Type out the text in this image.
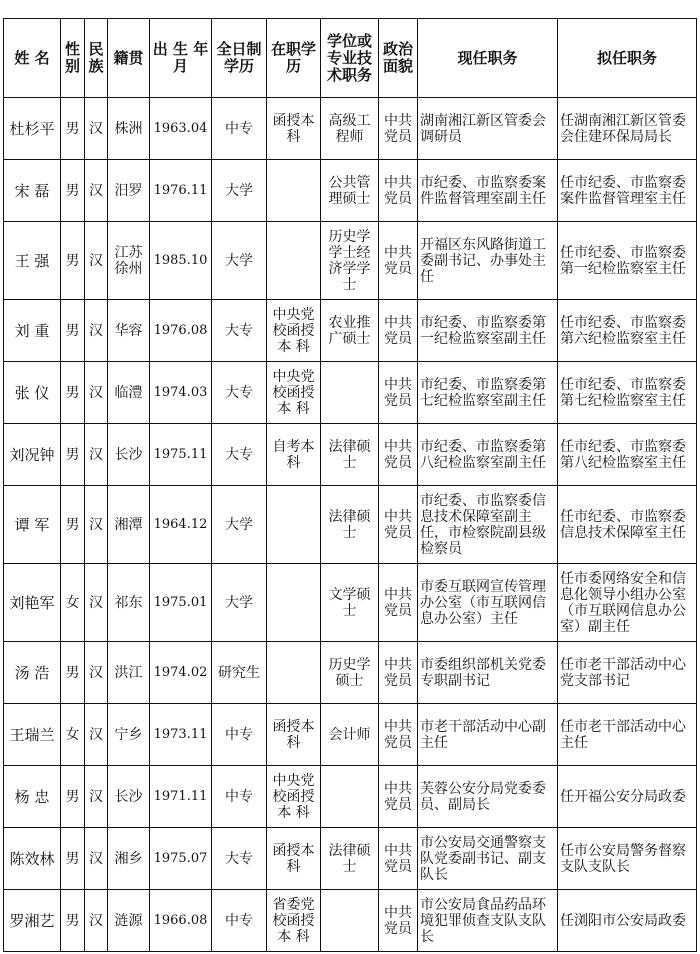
姓 名	性别	民族	籍贯	出 生 年 月	全日制学历	在职学历	学位或专业技术职务	政治面貌	现任职务	拟任职务
杜杉平	男	汉	株洲	1963.04	中专	函授本科	高级工程师	中共党员	湖南湘江新区管委会调研员	任湖南湘江新区管委会住建环保局局长
宋 磊	男	汉	汨罗	1976.11	大学		公共管理硕士	中共党员	市纪委、市监察委案件监督管理室副主任	任市纪委、市监察委案件监督管理室主任
王 强	男	汉	江苏徐州	1985.10	大学		历史学学士经济学学士	中共党员	开福区东风路街道工委副书记、办事处主任	任市纪委、市监察委第一纪检监察室主任
刘 重	男	汉	华容	1976.08	大专	中央党校函授本 科	农业推广硕士	中共党员	市纪委、市监察委第一纪检监察室副主任	任市纪委、市监察委第六纪检监察室主任
张 仪	男	汉	临澧	1974.03	大专	中央党校函授本 科		中共党员	市纪委、市监察委第七纪检监察室副主任	任市纪委、市监察委第七纪检监察室主任
刘况钟	男	汉	长沙	1975.11	大专	自考本科	法律硕士	中共党员	市纪委、市监察委第八纪检监察室副主任	任市纪委、市监察委第八纪检监察室主任
谭 军	男	汉	湘潭	1964.12	大学		法律硕士	中共党员	市纪委、市监察委信息技术保障室副主任，市检察院副县级检察员	任市纪委、市监察委信息技术保障室主任
刘艳军	女	汉	祁东	1975.01	大学		文学硕士	中共党员	市委互联网宣传管理办公室（市互联网信息办公室）主任	任市委网络安全和信息化领导小组办公室（市互联网信息办公室）副主任
汤 浩	男	汉	洪江	1974.02	研究生		历史学硕士	中共党员	市委组织部机关党委专职副书记	任市老干部活动中心党支部书记
王瑞兰	女	汉	宁乡	1973.11	中专	函授本科	会计师	中共党员	市老干部活动中心副主任	任市老干部活动中心主任
杨 忠	男	汉	长沙	1971.11	中专	中央党校函授本 科		中共党员	芙蓉公安分局党委委员、副局长	任开福公安分局政委
陈效林	男	汉	湘乡	1975.07	大专	函授本科	法律硕士	中共党员	市公安局交通警察支队党委副书记、副支队长	任市公安局警务督察支队支队长
罗湘艺	男	汉	涟源	1966.08	中专	省委党校函授本 科		中共党员	市公安局食品药品环境犯罪侦查支队支队长	任浏阳市公安局政委
